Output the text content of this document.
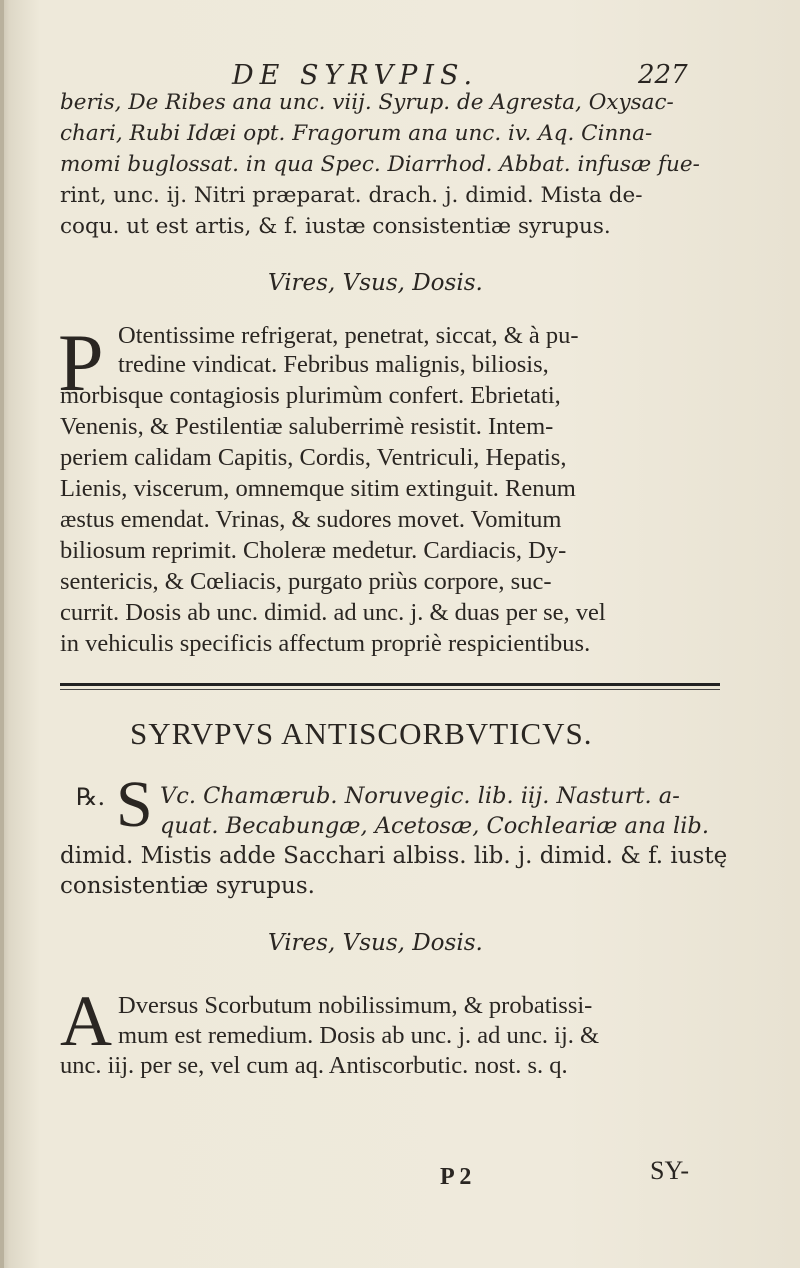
DE SYRVPIS.	227
beris, De Ribes ana unc. viij. Syrup. de Agresta, Oxysac-
chari, Rubi Idæi opt. Fragorum ana unc. iv. Aq. Cinna-
momi buglossat. in qua Spec. Diarrhod. Abbat. infusæ fue-
rint, unc. ij. Nitri præparat. drach. j. dimid. Mista de-
coqu. ut est artis, & f. iustæ consistentiæ syrupus.
Vires, Vsus, Dosis.
P Otentissime refrigerat, penetrat, siccat, & à pu-
tredine vindicat. Febribus malignis, biliosis,
morbisque contagiosis plurimùm confert. Ebrietati,
Venenis, & Pestilentiæ saluberrimè resistit. Intem-
periem calidam Capitis, Cordis, Ventriculi, Hepatis,
Lienis, viscerum, omnemque sitim extinguit. Renum
æstus emendat. Vrinas, & sudores movet. Vomitum
biliosum reprimit. Choleræ medetur. Cardiacis, Dy-
sentericis, & Cœliacis, purgato priùs corpore, suc-
currit. Dosis ab unc. dimid. ad unc. j. & duas per se, vel
in vehiculis specificis affectum propriè respicientibus.
SYRVPVS ANTISCORBVTICVS.
℞. S Vc. Chamærub. Noruvegic. lib. iij. Nasturt. a-
quat. Becabungæ, Acetosæ, Cochleariæ ana lib.
dimid. Mistis adde Sacchari albiss. lib. j. dimid. & f. iustę
consistentiæ syrupus.
Vires, Vsus, Dosis.
A Dversus Scorbutum nobilissimum, & probatissi-
mum est remedium. Dosis ab unc. j. ad unc. ij. &
unc. iij. per se, vel cum aq. Antiscorbutic. nost. s. q.
P 2	SY-
